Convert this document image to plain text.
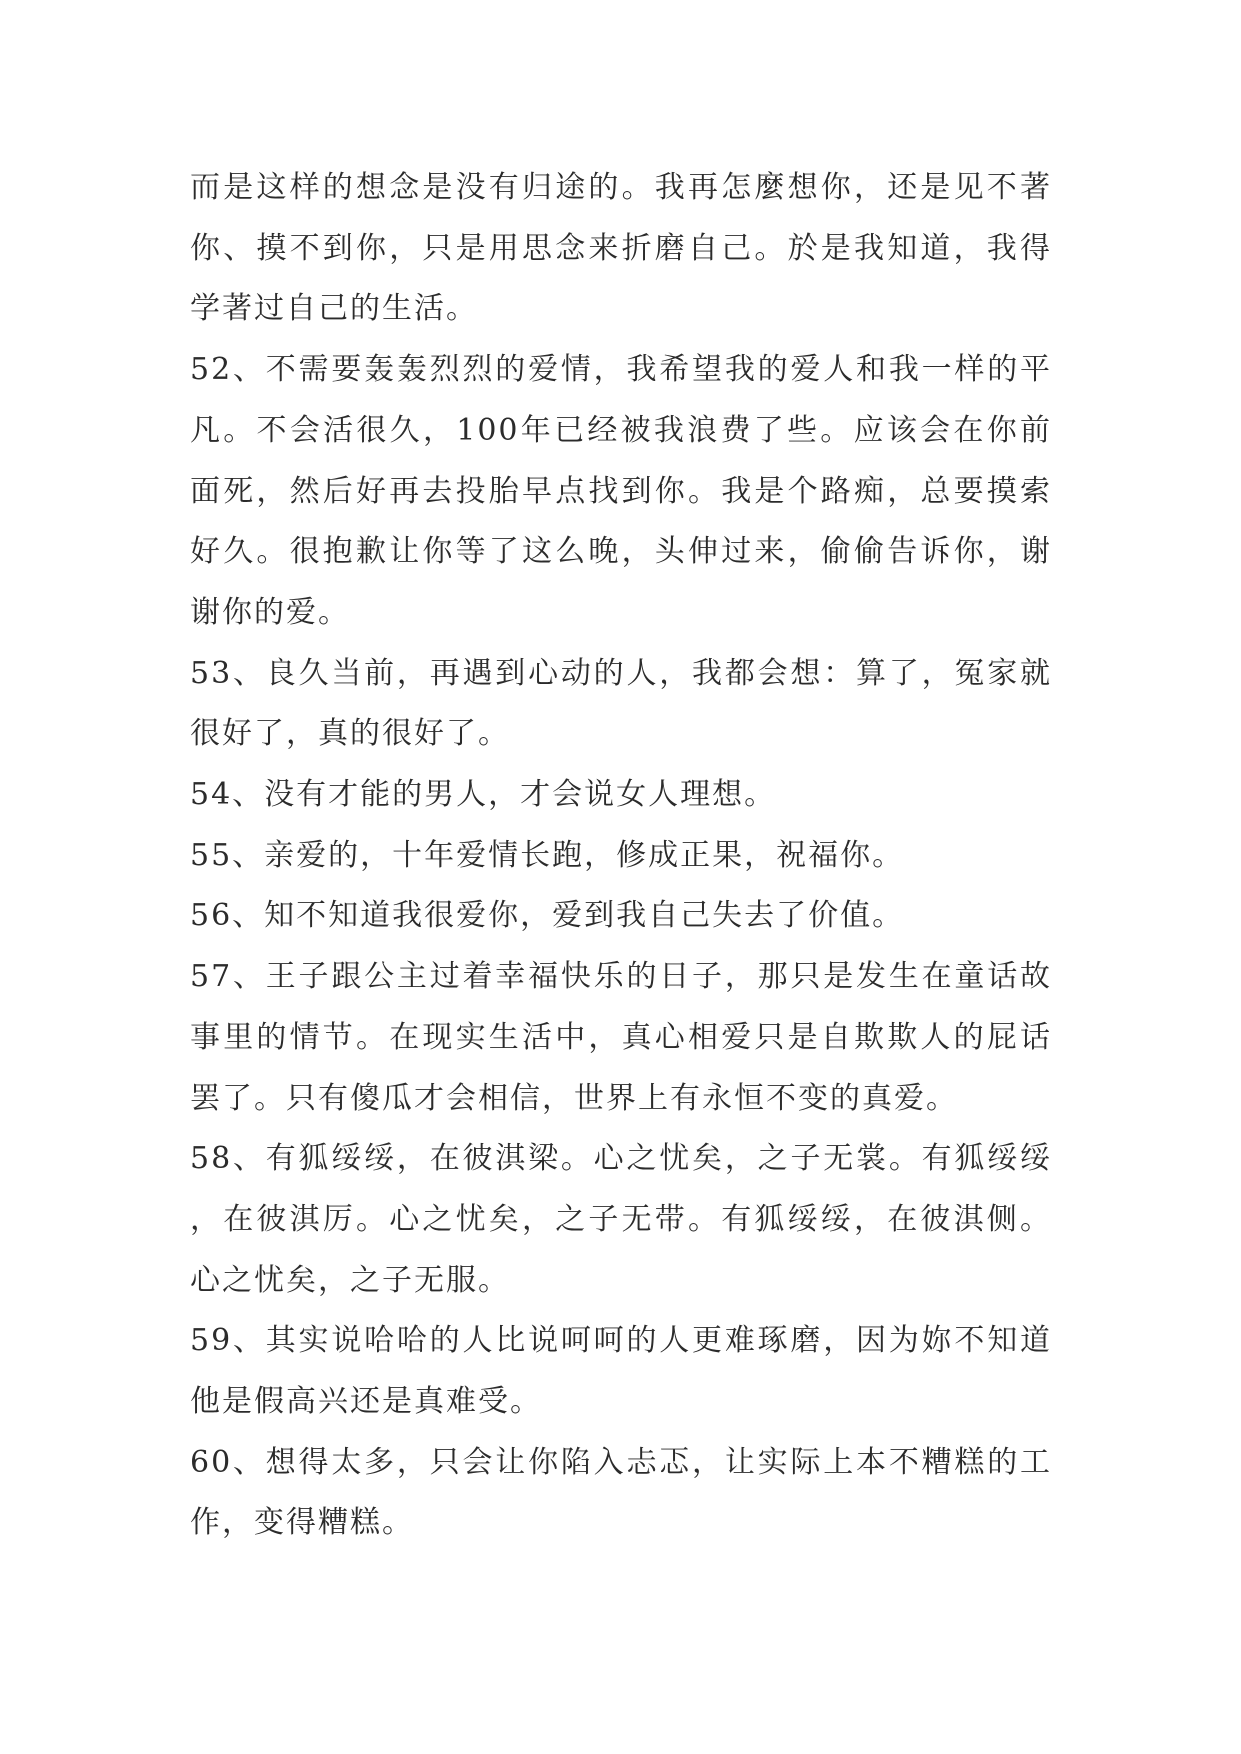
而是这样的想念是没有归途的。我再怎麼想你，还是见不著你、摸不到你，只是用思念来折磨自己。於是我知道，我得学著过自己的生活。

52、不需要轰轰烈烈的爱情，我希望我的爱人和我一样的平凡。不会活很久，100年已经被我浪费了些。应该会在你前面死，然后好再去投胎早点找到你。我是个路痴，总要摸索好久。很抱歉让你等了这么晚，头伸过来，偷偷告诉你，谢谢你的爱。

53、良久当前，再遇到心动的人，我都会想：算了，冤家就很好了，真的很好了。

54、没有才能的男人，才会说女人理想。

55、亲爱的，十年爱情长跑，修成正果，祝福你。

56、知不知道我很爱你，爱到我自己失去了价值。

57、王子跟公主过着幸福快乐的日子，那只是发生在童话故事里的情节。在现实生活中，真心相爱只是自欺欺人的屁话罢了。只有傻瓜才会相信，世界上有永恒不变的真爱。

58、有狐绥绥，在彼淇梁。心之忧矣，之子无裳。有狐绥绥，在彼淇厉。心之忧矣，之子无带。有狐绥绥，在彼淇侧。心之忧矣，之子无服。

59、其实说哈哈的人比说呵呵的人更难琢磨，因为妳不知道他是假高兴还是真难受。

60、想得太多，只会让你陷入忐忑，让实际上本不糟糕的工作，变得糟糕。
